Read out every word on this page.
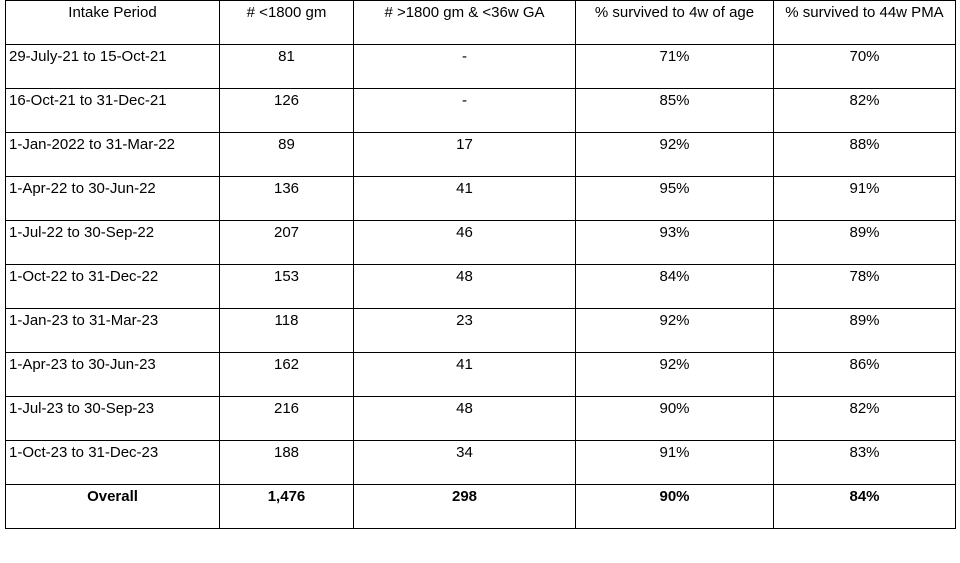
Intake Period	# <1800 gm	# >1800 gm & <36w GA	% survived to 4w of age	% survived to 44w PMA
29-July-21 to 15-Oct-21	81	-	71%	70%
16-Oct-21 to 31-Dec-21	126	-	85%	82%
1-Jan-2022 to 31-Mar-22	89	17	92%	88%
1-Apr-22 to 30-Jun-22	136	41	95%	91%
1-Jul-22 to 30-Sep-22	207	46	93%	89%
1-Oct-22 to 31-Dec-22	153	48	84%	78%
1-Jan-23 to 31-Mar-23	118	23	92%	89%
1-Apr-23 to 30-Jun-23	162	41	92%	86%
1-Jul-23 to 30-Sep-23	216	48	90%	82%
1-Oct-23 to 31-Dec-23	188	34	91%	83%
Overall	1,476	298	90%	84%
